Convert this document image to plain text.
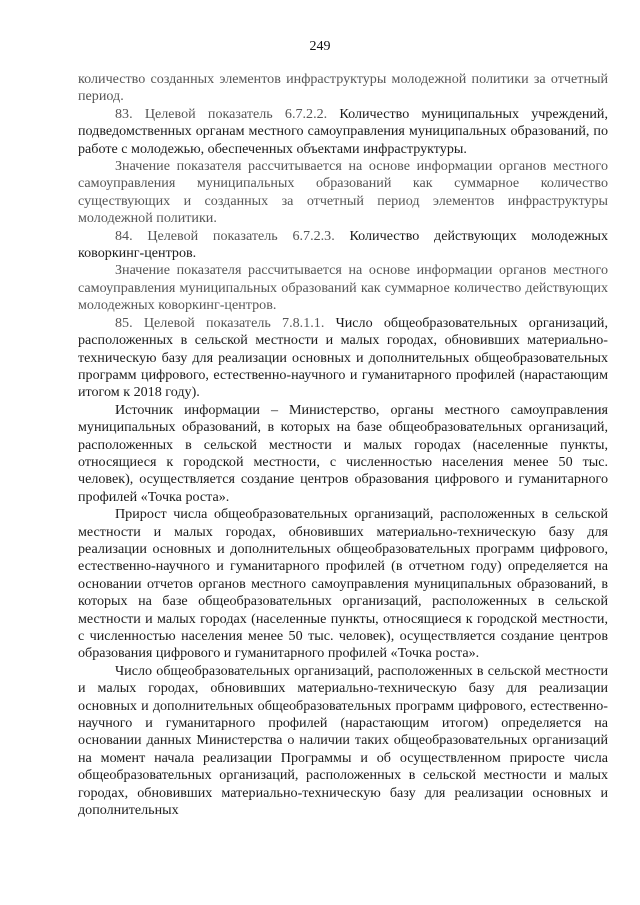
249

количество созданных элементов инфраструктуры молодежной политики за отчетный период.

83. Целевой показатель 6.7.2.2. Количество муниципальных учреждений, подведомственных органам местного самоуправления муниципальных образований, по работе с молодежью, обеспеченных объектами инфраструктуры.

Значение показателя рассчитывается на основе информации органов местного самоуправления муниципальных образований как суммарное количество существующих и созданных за отчетный период элементов инфраструктуры молодежной политики.

84. Целевой показатель 6.7.2.3. Количество действующих молодежных коворкинг-центров.

Значение показателя рассчитывается на основе информации органов местного самоуправления муниципальных образований как суммарное количество действующих молодежных коворкинг-центров.

85. Целевой показатель 7.8.1.1. Число общеобразовательных организаций, расположенных в сельской местности и малых городах, обновивших материально-техническую базу для реализации основных и дополнительных общеобразовательных программ цифрового, естественно-научного и гуманитарного профилей (нарастающим итогом к 2018 году).

Источник информации – Министерство, органы местного самоуправления муниципальных образований, в которых на базе общеобразовательных организаций, расположенных в сельской местности и малых городах (населенные пункты, относящиеся к городской местности, с численностью населения менее 50 тыс. человек), осуществляется создание центров образования цифрового и гуманитарного профилей «Точка роста».

Прирост числа общеобразовательных организаций, расположенных в сельской местности и малых городах, обновивших материально-техническую базу для реализации основных и дополнительных общеобразовательных программ цифрового, естественно-научного и гуманитарного профилей (в отчетном году) определяется на основании отчетов органов местного самоуправления муниципальных образований, в которых на базе общеобразовательных организаций, расположенных в сельской местности и малых городах (населенные пункты, относящиеся к городской местности, с численностью населения менее 50 тыс. человек), осуществляется создание центров образования цифрового и гуманитарного профилей «Точка роста».

Число общеобразовательных организаций, расположенных в сельской местности и малых городах, обновивших материально-техническую базу для реализации основных и дополнительных общеобразовательных программ цифрового, естественно-научного и гуманитарного профилей (нарастающим итогом) определяется на основании данных Министерства о наличии таких общеобразовательных организаций на момент начала реализации Программы и об осуществленном приросте числа общеобразовательных организаций, расположенных в сельской местности и малых городах, обновивших материально-техническую базу для реализации основных и дополнительных
